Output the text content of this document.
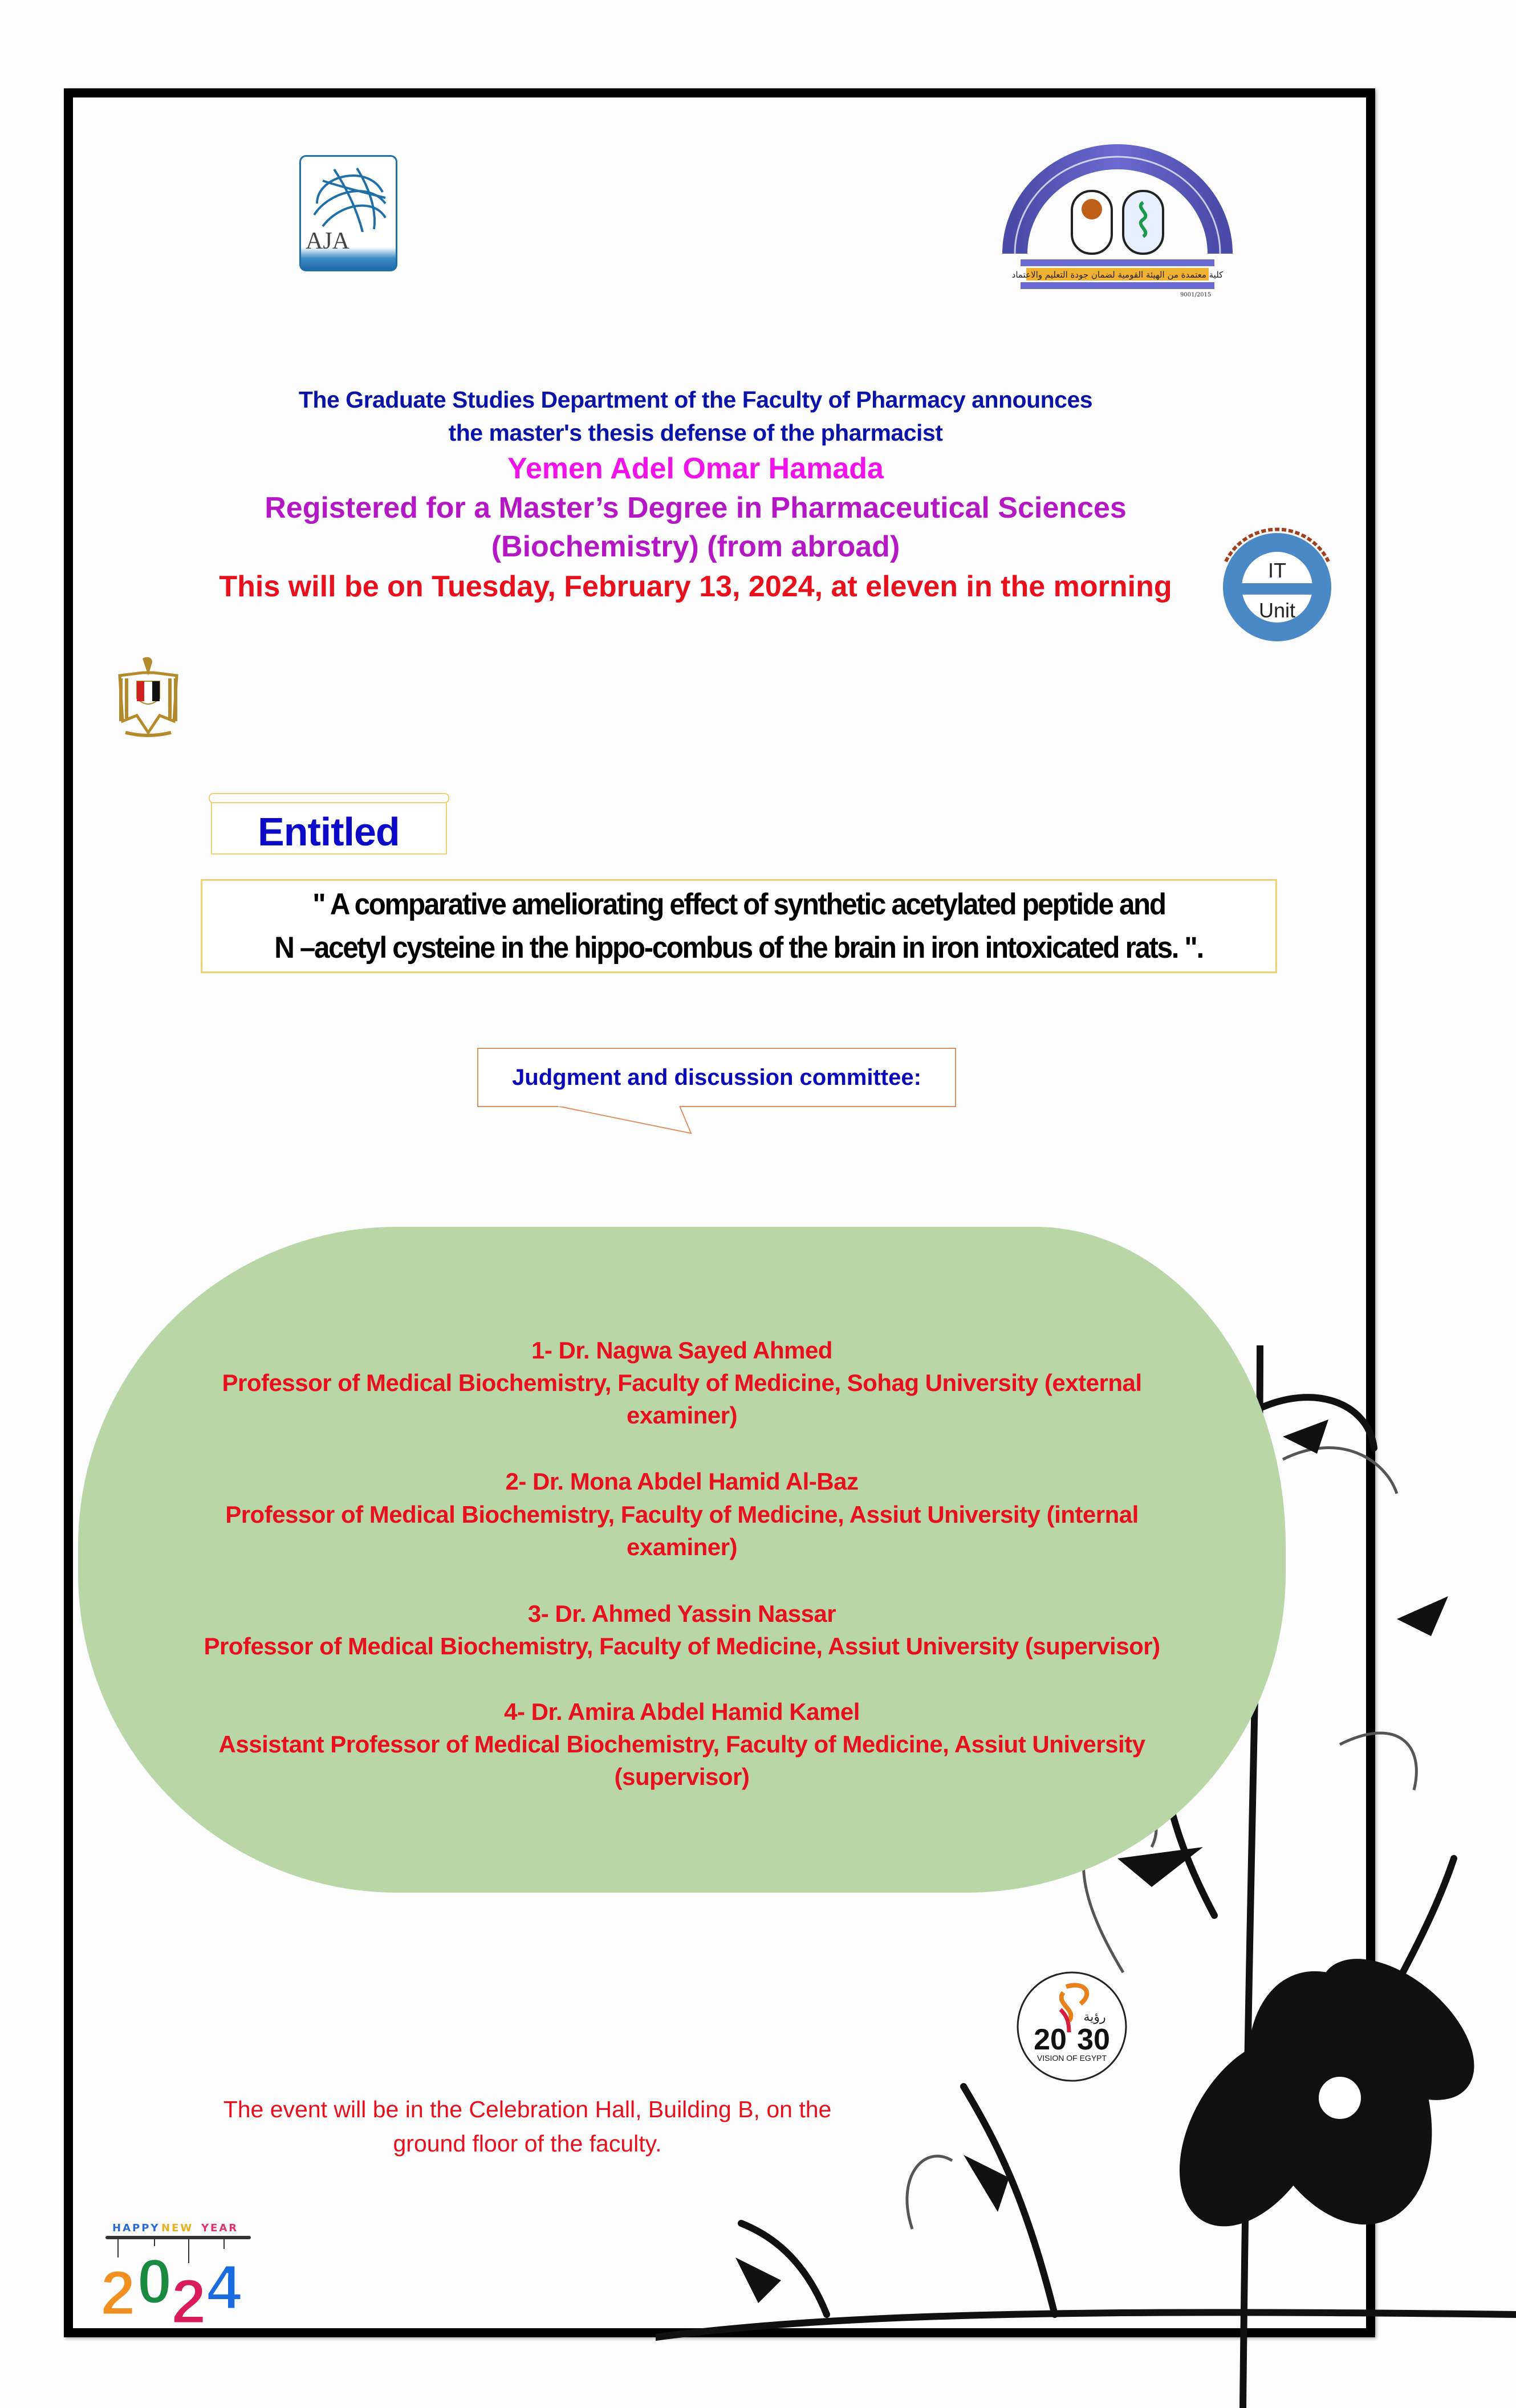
AJA
كلية معتمدة من الهيئة القومية لضمان جودة التعليم والاعتماد
ISO	9001/2015
The Graduate Studies Department of the Faculty of Pharmacy announces
the master's thesis defense of the pharmacist
Yemen Adel Omar Hamada
Registered for a Master’s Degree in Pharmaceutical Sciences
(Biochemistry) (from abroad)
This will be on Tuesday, February 13, 2024, at eleven in the morning	IT
Unit
Entitled
" A comparative ameliorating effect of synthetic acetylated peptide and
N –acetyl cysteine in the hippo-combus of the brain in iron intoxicated rats. ".
Judgment and discussion committee:
1- Dr. Nagwa Sayed Ahmed
Professor of Medical Biochemistry, Faculty of Medicine, Sohag University (external
examiner)
2- Dr. Mona Abdel Hamid Al-Baz
Professor of Medical Biochemistry, Faculty of Medicine, Assiut University (internal
examiner)
3- Dr. Ahmed Yassin Nassar
Professor of Medical Biochemistry, Faculty of Medicine, Assiut University (supervisor)
4- Dr. Amira Abdel Hamid Kamel
Assistant Professor of Medical Biochemistry, Faculty of Medicine, Assiut University
(supervisor)
رؤية
20 30
VISION OF EGYPT
The event will be in the Celebration Hall, Building B, on the
ground floor of the faculty.
HAPPY NEW YEAR
2 0
2 4
